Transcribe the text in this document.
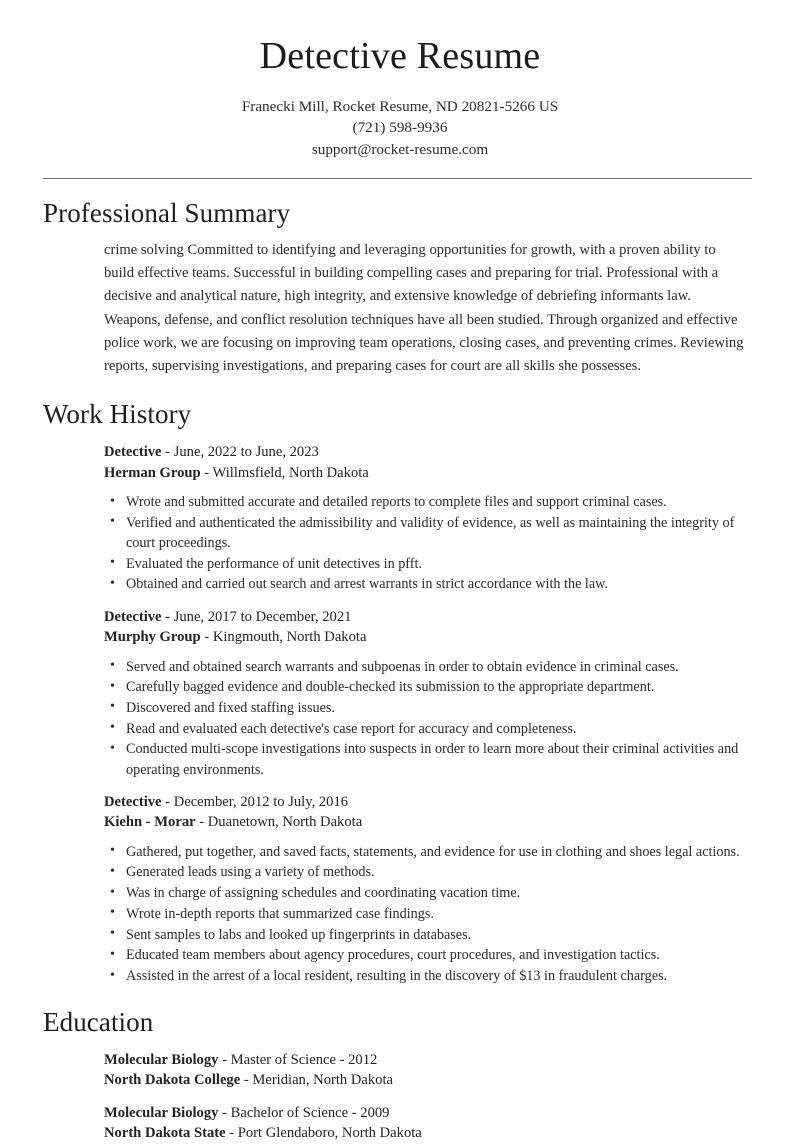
Detective Resume
Franecki Mill, Rocket Resume, ND 20821-5266 US
(721) 598-9936
support@rocket-resume.com
Professional Summary

crime solving Committed to identifying and leveraging opportunities for growth, with a proven ability to build effective teams. Successful in building compelling cases and preparing for trial. Professional with a decisive and analytical nature, high integrity, and extensive knowledge of debriefing informants law. Weapons, defense, and conflict resolution techniques have all been studied. Through organized and effective police work, we are focusing on improving team operations, closing cases, and preventing crimes. Reviewing reports, supervising investigations, and preparing cases for court are all skills she possesses.

Work History
Detective - June, 2022 to June, 2023
Herman Group - Willmsfield, North Dakota
• Wrote and submitted accurate and detailed reports to complete files and support criminal cases.
• Verified and authenticated the admissibility and validity of evidence, as well as maintaining the integrity of court proceedings.
• Evaluated the performance of unit detectives in pfft.
• Obtained and carried out search and arrest warrants in strict accordance with the law.
Detective - June, 2017 to December, 2021
Murphy Group - Kingmouth, North Dakota
• Served and obtained search warrants and subpoenas in order to obtain evidence in criminal cases.
• Carefully bagged evidence and double-checked its submission to the appropriate department.
• Discovered and fixed staffing issues.
• Read and evaluated each detective's case report for accuracy and completeness.
• Conducted multi-scope investigations into suspects in order to learn more about their criminal activities and operating environments.
Detective - December, 2012 to July, 2016
Kiehn - Morar - Duanetown, North Dakota
• Gathered, put together, and saved facts, statements, and evidence for use in clothing and shoes legal actions.
• Generated leads using a variety of methods.
• Was in charge of assigning schedules and coordinating vacation time.
• Wrote in-depth reports that summarized case findings.
• Sent samples to labs and looked up fingerprints in databases.
• Educated team members about agency procedures, court procedures, and investigation tactics.
• Assisted in the arrest of a local resident, resulting in the discovery of $13 in fraudulent charges.
Education
Molecular Biology - Master of Science - 2012
North Dakota College - Meridian, North Dakota
Molecular Biology - Bachelor of Science - 2009
North Dakota State - Port Glendaboro, North Dakota
